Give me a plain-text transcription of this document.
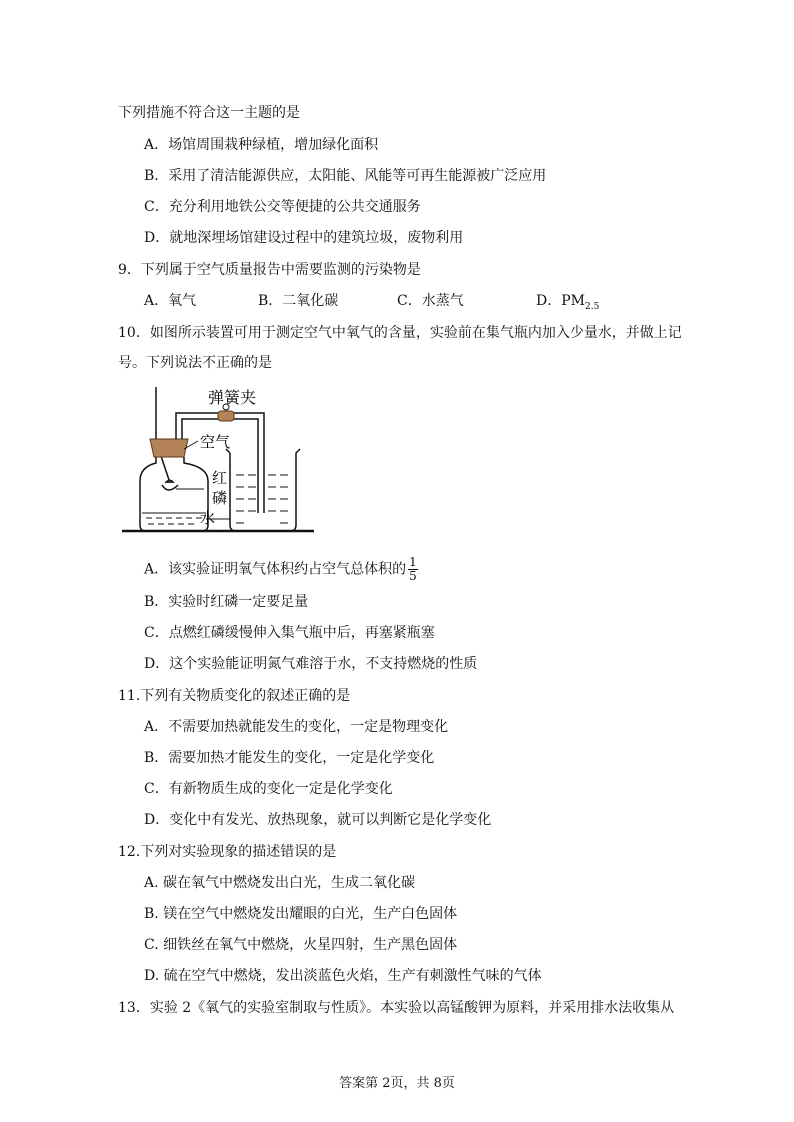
下列措施不符合这一主题的是
A．场馆周围栽种绿植，增加绿化面积
B．采用了清洁能源供应，太阳能、风能等可再生能源被广泛应用
C．充分利用地铁公交等便捷的公共交通服务
D．就地深埋场馆建设过程中的建筑垃圾，废物利用
9．下列属于空气质量报告中需要监测的污染物是
A．氧气	B．二氧化碳	C．水蒸气	D．$PM_{2.5}$
10．如图所示装置可用于测定空气中氧气的含量，实验前在集气瓶内加入少量水，并做上记
号。下列说法不正确的是
弹簧夹
空气
红
磷
水
A．该实验证明氧气体积约占空气总体积的 $\frac{1}{5}$
B．实验时红磷一定要足量
C．点燃红磷缓慢伸入集气瓶中后，再塞紧瓶塞
D．这个实验能证明氮气难溶于水，不支持燃烧的性质
11.下列有关物质变化的叙述正确的是
A．不需要加热就能发生的变化，一定是物理变化
B．需要加热才能发生的变化，一定是化学变化
C．有新物质生成的变化一定是化学变化
D．变化中有发光、放热现象，就可以判断它是化学变化
12.下列对实验现象的描述错误的是
A. 碳在氧气中燃烧发出白光，生成二氧化碳
B. 镁在空气中燃烧发出耀眼的白光，生产白色固体
C. 细铁丝在氧气中燃烧，火星四射，生产黑色固体
D. 硫在空气中燃烧，发出淡蓝色火焰，生产有刺激性气味的气体
13．实验 2《氧气的实验室制取与性质》。本实验以高锰酸钾为原料，并采用排水法收集从
答案第 2页，共 8页
